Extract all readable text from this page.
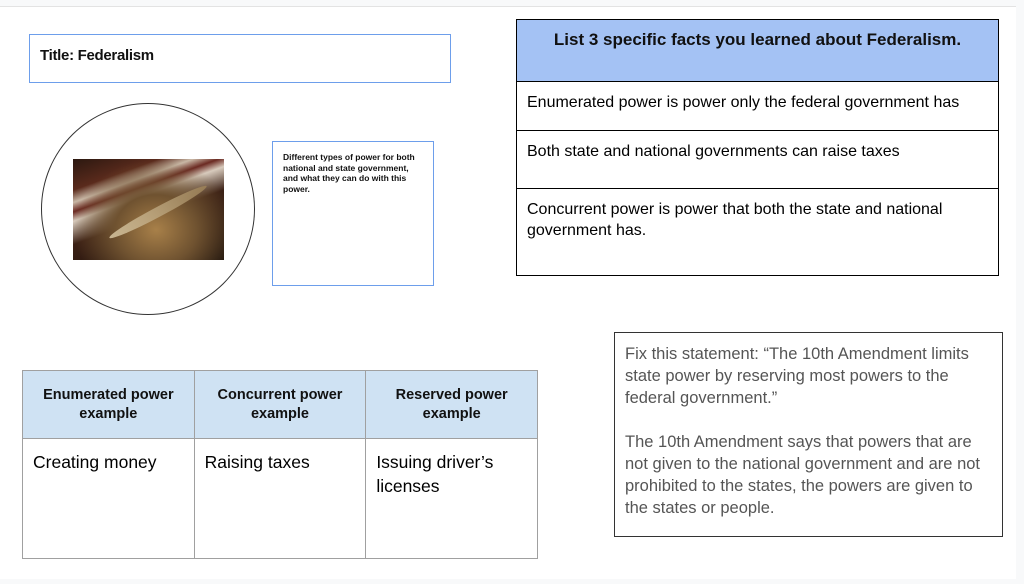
Title: Federalism
Different types of power for both national and state government, and what they can do with this power.
List 3 specific facts you learned about Federalism.
Enumerated power is power only the federal government has
Both state and national governments can raise taxes
Concurrent power is power that both the state and national government has.
Enumerated power example	Concurrent power example	Reserved power example
Creating money	Raising taxes	Issuing driver’s licenses

Fix this statement: “The 10th Amendment limits state power by reserving most powers to the federal government.”

The 10th Amendment says that powers that are not given to the national government and are not prohibited to the states, the powers are given to the states or people.
